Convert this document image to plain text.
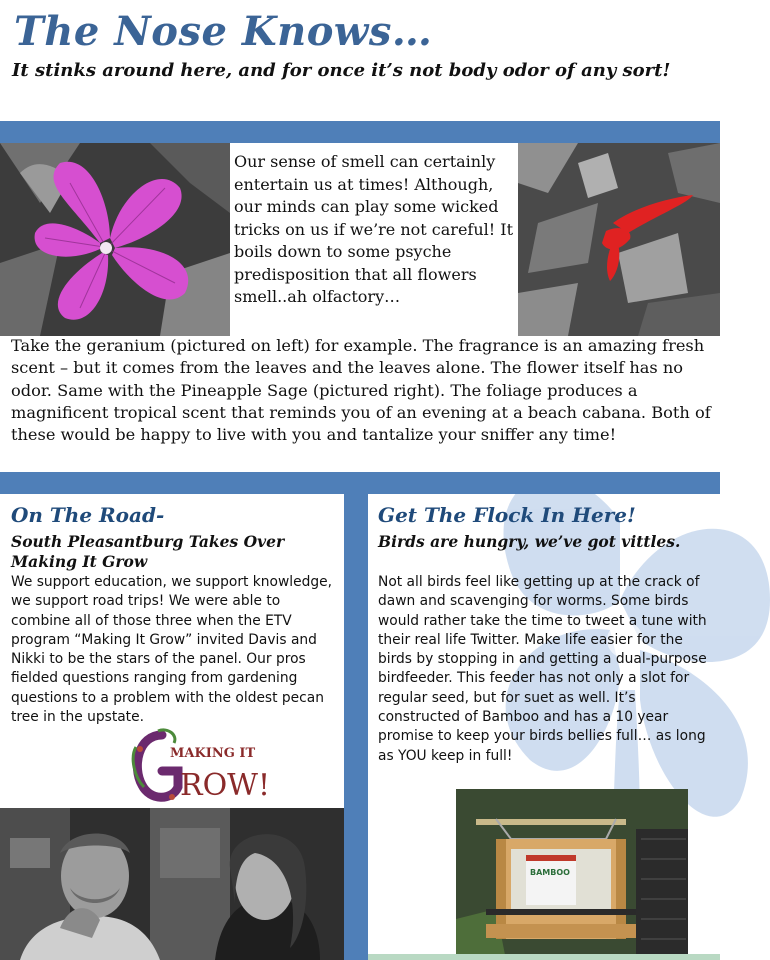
The Nose Knows…
It stinks around here, and for once it’s not body odor of any sort!
Our sense of smell can certainly entertain us at times! Although, our minds can play some wicked tricks on us if we’re not careful! It boils down to some psyche predisposition that all flowers smell..ah olfactory…
Take the geranium (pictured on left) for example. The fragrance is an amazing fresh scent – but it comes from the leaves and the leaves alone. The flower itself has no odor. Same with the Pineapple Sage (pictured right). The foliage produces a magnificent tropical scent that reminds you of an evening at a beach cabana. Both of these would be happy to live with you and tantalize your sniffer any time!
On The Road-
South Pleasantburg Takes Over Making It Grow
We support education, we support knowledge, we support road trips! We were able to combine all of those three when the ETV program “Making It Grow” invited Davis and Nikki to be the stars of the panel. Our pros fielded questions ranging from gardening questions to a problem with the oldest pecan tree in the upstate.
MAKING IT
ROW!
Get The Flock In Here!
Birds are hungry, we’ve got vittles.
Not all birds feel like getting up at the crack of dawn and scavenging for worms. Some birds would rather take the time to tweet a tune with their real life Twitter. Make life easier for the birds by stopping in and getting a dual-purpose birdfeeder. This feeder has not only a slot for regular seed, but for suet as well. It’s constructed of Bamboo and has a 10 year promise to keep your birds bellies full… as long as YOU keep in full!
BAMBOO
